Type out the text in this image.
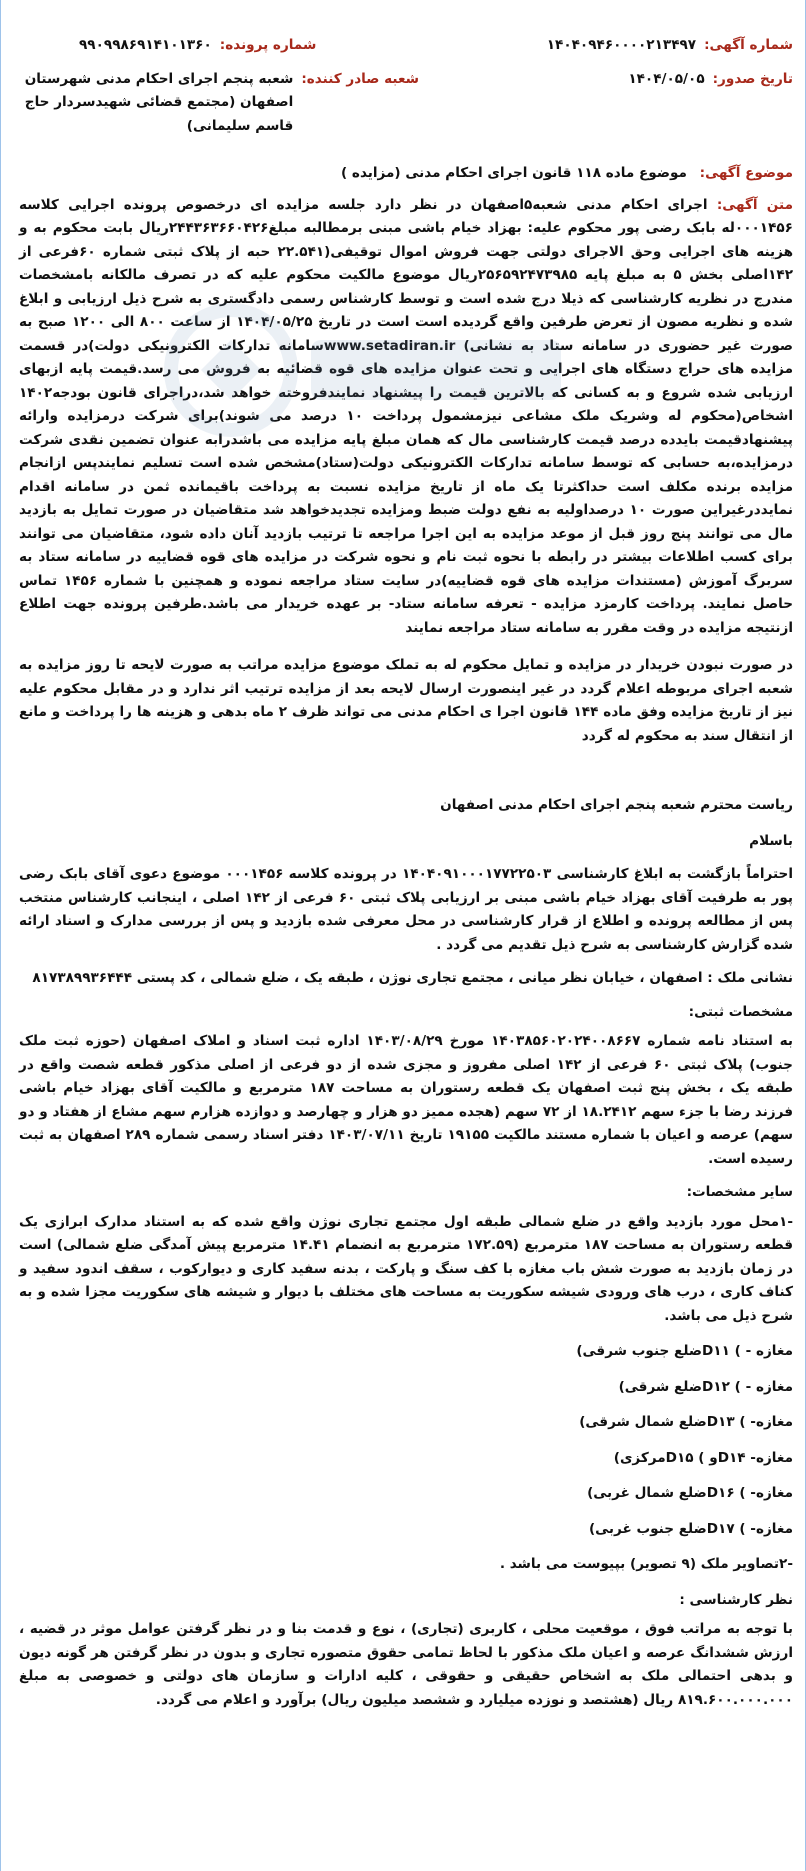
شماره آگهی:
۱۴۰۴۰۹۴۶۰۰۰۰۲۱۳۴۹۷
شماره پرونده:
۹۹۰۹۹۸۶۹۱۴۱۰۱۳۶۰
تاریخ صدور:
۱۴۰۴/۰۵/۰۵
شعبه صادر کننده:
شعبه پنجم اجرای احکام مدنی شهرستان اصفهان (مجتمع قضائی شهیدسردار حاج قاسم سلیمانی)
موضوع آگهی: موضوع ماده ۱۱۸ قانون اجرای احکام مدنی (مزایده )

متن آگهی: اجرای احکام مدنی شعبه۵اصفهان در نظر دارد جلسه مزایده ای درخصوص پرونده اجرایی کلاسه ۰۰۰۱۴۵۶له بابک رضی پور محکوم علیه: بهزاد خیام باشی مبنی برمطالبه مبلغ۲۴۴۳۶۳۶۶۰۴۲۶ریال بابت محکوم به و هزینه های اجرایی وحق الاجرای دولتی جهت فروش اموال توقیفی(۲۲.۵۴۱ حبه از پلاک ثبتی شماره ۶۰فرعی از ۱۴۲اصلی بخش ۵ به مبلغ پایه ۲۵۶۵۹۲۴۷۳۹۸۵ریال موضوع مالکیت محکوم علیه که در تصرف مالکانه بامشخصات مندرج در نظریه کارشناسی که ذیلا درج شده است و توسط کارشناس رسمی دادگستری به شرح ذیل ارزیابی و ابلاغ شده و نظریه مصون از تعرض طرفین واقع گردیده است است در تاریخ ۱۴۰۴/۰۵/۲۵ از ساعت ۸۰۰ الی ۱۲۰۰ صبح به صورت غیر حضوری در سامانه ستاد به نشانی) www.setadiran.irسامانه تدارکات الکترونیکی دولت)در قسمت مزایده های حراج دستگاه های اجرایی و تحت عنوان مزایده های قوه قضائیه به فروش می رسد.قیمت پایه ازبهای ارزیابی شده شروع و به کسانی که بالاترین قیمت را پیشنهاد نمایندفروخته خواهد شد،دراجرای قانون بودجه۱۴۰۲ اشخاص(محکوم له وشریک ملک مشاعی نیزمشمول پرداخت ۱۰ درصد می شوند)برای شرکت درمزایده وارائه پیشنهادقیمت بایدده درصد قیمت کارشناسی مال که همان مبلغ پایه مزایده می باشدرابه عنوان تضمین نقدی شرکت درمزایده،به حسابی که توسط سامانه تدارکات الکترونیکی دولت(ستاد)مشخص شده است تسلیم نمایندپس ازانجام مزایده برنده مکلف است حداکثرتا یک ماه از تاریخ مزایده نسبت به پرداخت باقیمانده ثمن در سامانه اقدام نمایددرغیراین صورت ۱۰ درصداولیه به نفع دولت ضبط ومزایده تجدیدخواهد شد متقاضیان در صورت تمایل به بازدید مال می توانند پنج روز قبل از موعد مزایده به این اجرا مراجعه تا ترتیب بازدید آنان داده شود، متقاضیان می توانند برای کسب اطلاعات بیشتر در رابطه با نحوه ثبت نام و نحوه شرکت در مزایده های قوه قضاییه در سامانه ستاد به سربرگ آموزش (مستندات مزایده های قوه قضاییه)در سایت ستاد مراجعه نموده و همچنین با شماره ۱۴۵۶ تماس حاصل نمایند. پرداخت کارمزد مزایده - تعرفه سامانه ستاد- بر عهده خریدار می باشد.طرفین پرونده جهت اطلاع ازنتیجه مزایده در وقت مقرر به سامانه ستاد مراجعه نمایند

در صورت نبودن خریدار در مزایده و تمایل محکوم له به تملک موضوع مزایده مراتب به صورت لایحه تا روز مزایده به شعبه اجرای مربوطه اعلام گردد در غیر اینصورت ارسال لایحه بعد از مزایده ترتیب اثر ندارد و در مقابل محکوم علیه نیز از تاریخ مزایده وفق ماده ۱۴۴ قانون اجرا ی احکام مدنی می تواند ظرف ۲ ماه بدهی و هزینه ها را پرداخت و مانع از انتقال سند به محکوم له گردد

ریاست محترم شعبه پنجم اجرای احکام مدنی اصفهان

باسلام

احتراماً بازگشت به ابلاغ کارشناسی ۱۴۰۴۰۹۱۰۰۰۱۷۷۲۲۵۰۳ در پرونده کلاسه ۰۰۰۱۴۵۶ موضوع دعوی آقای بابک رضی پور به طرفیت آقای بهزاد خیام باشی مبنی بر ارزیابی پلاک ثبتی ۶۰ فرعی از ۱۴۲ اصلی ، اینجانب کارشناس منتخب پس از مطالعه پرونده و اطلاع از قرار کارشناسی در محل معرفی شده بازدید و پس از بررسی مدارک و اسناد ارائه شده گزارش کارشناسی به شرح ذیل تقدیم می گردد .

نشانی ملک : اصفهان ، خیابان نظر میانی ، مجتمع تجاری نوژن ، طبقه یک ، ضلع شمالی ، کد پستی ۸۱۷۳۸۹۹۳۶۴۴۴

مشخصات ثبتی:

به استناد نامه شماره ۱۴۰۳۸۵۶۰۲۰۲۴۰۰۸۶۶۷ مورخ ۱۴۰۳/۰۸/۲۹ اداره ثبت اسناد و املاک اصفهان (حوزه ثبت ملک جنوب) پلاک ثبتی ۶۰ فرعی از ۱۴۲ اصلی مفروز و مجزی شده از دو فرعی از اصلی مذکور قطعه شصت واقع در طبقه یک ، بخش پنج ثبت اصفهان یک قطعه رستوران به مساحت ۱۸۷ مترمربع و مالکیت آقای بهزاد خیام باشی فرزند رضا با جزء سهم ۱۸.۲۴۱۲ از ۷۲ سهم (هجده ممیز دو هزار و چهارصد و دوازده هزارم سهم مشاع از هفتاد و دو سهم) عرصه و اعیان با شماره مستند مالکیت ۱۹۱۵۵ تاریخ ۱۴۰۳/۰۷/۱۱ دفتر اسناد رسمی شماره ۲۸۹ اصفهان به ثبت رسیده است.

سایر مشخصات:

-۱محل مورد بازدید واقع در ضلع شمالی طبقه اول مجتمع تجاری نوژن واقع شده که به استناد مدارک ابرازی یک قطعه رستوران به مساحت ۱۸۷ مترمربع (۱۷۲.۵۹ مترمربع به انضمام ۱۴.۴۱ مترمربع پیش آمدگی ضلع شمالی) است در زمان بازدید به صورت شش باب مغازه با کف سنگ و پارکت ، بدنه سفید کاری و دیوارکوب ، سقف اندود سفید و کناف کاری ، درب های ورودی شیشه سکوریت به مساحت های مختلف با دیوار و شیشه های سکوریت مجزا شده و به شرح ذیل می باشد.

مغازه - ) D۱۱ضلع جنوب شرقی)

مغازه - ) D۱۲ضلع شرقی)

مغازه- ) D۱۳ضلع شمال شرقی)

مغازه- D۱۴و ) D۱۵مرکزی)

مغازه- ) D۱۶ضلع شمال غربی)

مغازه- ) D۱۷ضلع جنوب غربی)

-۲تصاویر ملک (۹ تصویر) بپیوست می باشد .

نظر کارشناسی :

با توجه به مراتب فوق ، موقعیت محلی ، کاربری (تجاری) ، نوع و قدمت بنا و در نظر گرفتن عوامل موثر در قضیه ، ارزش ششدانگ عرصه و اعیان ملک مذکور با لحاظ تمامی حقوق متصوره تجاری و بدون در نظر گرفتن هر گونه دیون و بدهی احتمالی ملک به اشخاص حقیقی و حقوقی ، کلیه ادارات و سازمان های دولتی و خصوصی به مبلغ ۸۱۹.۶۰۰.۰۰۰.۰۰۰ ریال (هشتصد و نوزده میلیارد و ششصد میلیون ریال) برآورد و اعلام می گردد.
